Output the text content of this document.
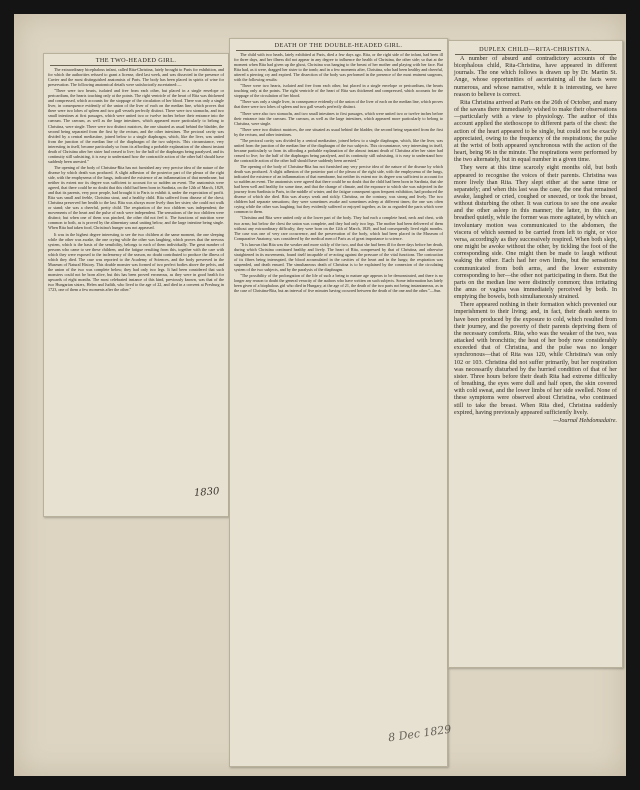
THE TWO-HEADED GIRL.

The extraordinary bicephalous infant, called Rita-Christina, lately brought to Paris for exhibition, and for which the authorities refused to grant a license, died last week, and was dissected in the presence of Cuvier and the most distinguished anatomists of Paris. The body has been placed in spirits of wine for preservation. The following anatomical details were satisfactorily ascertained:—

"There were two hearts, isolated and free from each other, but placed in a single envelope or pericardium, the hearts touching only at the points. The right ventricle of the heart of Rita was thickened and compressed, which accounts for the stoppage of the circulation of her blood. There was only a single liver, in consequence evidently of the union of the liver of each on the median line, which proves that there were two lobes of spleen and two gall vessels perfectly distinct. There were two stomachs, and two small intestines at first passages, which were united two or twelve inches before their entrance into the caecum. The caecum, as well as the large intestines, which appeared more particularly to belong to Christina, were single. There were two distinct matrices, the one situated as usual behind the bladder, the second being separated from the first by the rectum, and the other intestines. The pectoral cavity was divided by a central mediastine, joined below to a single diaphragm, which, like the liver, was united from the junction of the median line of the diaphragm of the two subjects. This circumstance, very interesting in itself, became particularly so from its affording a probable explanation of the almost instant death of Christina after her sister had ceased to live; for the half of the diaphragm being paralysed, and its continuity still subsisting, it is easy to understand how the contractile action of the other half should have suddenly been arrested."

The opening of the body of Christina-Rita has not furnished any very precise idea of the nature of the disease by which death was produced. A slight adhesion of the posterior part of the pleura of the right side, with the emphysema of the lungs, indicated the existence of an inflammation of that membrane, but neither its extent nor its degree was sufficient to account for so sudden an event. The anatomists were agreed, that there could be no doubt that this child had been born in Sardinia, on the 12th of March, 1829, and that its parents, very poor people, had brought it to Paris to exhibit it, under the expectation of profit. Rita was small and feeble, Christina stout, and a healthy child. Rita suffered from disease of the chest; Christina preserved her health to the last. Rita was always more lively than her sister; she could not walk or stand; she was a cheerful, pretty child. The respiration of the two children was independent; the movements of the heart and the pulse of each were independent. The sensations of the two children were distinct; but when one of them was pinched, the other did not feel it. The functions of nutrition were common to both, as is proved by the alimentary canal uniting below, and the large intestine being single. When Rita had taken food, Christina's hunger was not appeased.

It was in the highest degree interesting to see the two children at the same moment, the one sleeping while the other was awake, the one crying while the other was laughing, which proves that the nervous system, which is the basis of the sensibility, belongs to each of them individually. The great number of persons who came to see these children, and the fatigue resulting from this, together with the care with which they were exposed to the inclemency of the season, no doubt contributed to produce the illness of which they died. The case was reported to the Academy of Sciences, and the body preserved in the Museum of Natural History. This double monster was formed of two perfect bodies above the pelvis, and the union of the two was complete below; they had only two legs. It had been considered that such monsters could not be born alive, but this has been proved erroneous, as they were in good health for upwards of eight months. The most celebrated instance of this kind, previously known, was that of the two Hungarian sisters, Helen and Judith, who lived to the age of 22, and died in a convent at Presburg in 1723, one of them a few moments after the other."

DEATH OF THE DOUBLE-HEADED GIRL.

The child with two heads, lately exhibited at Paris, died a few days ago. Rita, or the right side of the infant, had been ill for three days, and her illness did not appear in any degree to influence the health of Christina, the other side; so that at the moment when Rita had given up the ghost, Christina was hanging to the breast of her mother and playing with her face. But Rita had, as it were, dragged her sister to the tomb; and in a few moments after, Christina, who had been healthy and cheerful, uttered a piercing cry and expired. The dissection of the body was performed in the presence of the most eminent surgeons, with the following results:

"There were two hearts, isolated and free from each other, but placed in a single envelope or pericardium, the hearts touching only at the points. The right ventricle of the heart of Rita was thickened and compressed, which accounts for the stoppage of the circulation of her blood.

"There was only a single liver, in consequence evidently of the union of the liver of each on the median line, which proves that there were two lobes of spleen and two gall vessels perfectly distinct.

"There were also two stomachs, and two small intestines to first passages, which were united two or twelve inches before their entrance into the caecum. The caecum, as well as the large intestines, which appeared more particularly to belong to Christina, were single.

"There were two distinct matrices, the one situated as usual behind the bladder, the second being separated from the first by the rectum, and other intestines.

"The pectoral cavity was divided by a central mediastine, joined below to a single diaphragm, which, like the liver, was united from the junction of the median line of the diaphragm of the two subjects. This circumstance, very interesting in itself, became particularly so from its affording a probable explanation of the almost instant death of Christina after her sister had ceased to live; for the half of the diaphragm being paralysed, and its continuity still subsisting, it is easy to understand how the contractile action of the other half should have suddenly been arrested."

The opening of the body of Christina-Rita has not furnished any very precise idea of the nature of the disease by which death was produced. A slight adhesion of the posterior part of the pleura of the right side, with the emphysema of the lungs, indicated the existence of an inflammation of that membrane, but neither its extent nor its degree was sufficient to account for so sudden an event. The anatomists were agreed that there could be no doubt that the child had been born in Sardinia, that she had been well and healthy for some time, and that the change of climate, and the exposure to which she was subjected in the journey from Sardinia to Paris, in the middle of winter, and the fatigue consequent upon frequent exhibition, had produced the disease of which she died. Rita was always weak and sickly. Christina, on the contrary, was strong and lively. The two children had separate sensations; they were sometimes awake and sometimes asleep at different times; the one was often crying while the other was laughing; but they evidently suffered or enjoyed together, as far as regarded the parts which were common to them.

"Christina and Rita were united only at the lower part of the body. They had each a complete head, neck and chest, with two arms; but below the chest the union was complete, and they had only two legs. The mother had been delivered of them without any extraordinary difficulty; they were born on the 12th of March, 1829, and had consequently lived eight months. The case was one of very rare occurrence, and the preservation of the body, which had been placed in the Museum of Comparative Anatomy, was considered by the medical men of Paris as of great importance to science.

"It is known that Rita was the weaker and more sickly of the two, and that she had been ill for three days before her death, during which Christina continued healthy and lively. The heart of Rita, compressed by that of Christina, and otherwise straightened in its movements, found itself incapable of re-acting against the pressure of the vital functions. The contraction of its fibres being interrupted, the blood accumulated in the cavities of the heart and in the lungs; the respiration was suspended, and death ensued. The simultaneous death of Christina is to be explained by the connexion of the circulating system of the two subjects, and by the paralysis of the diaphragm.

"The possibility of the prolongation of the life of such a being to mature age appears to be demonstrated, and there is no longer any reason to doubt the general veracity of the authors who have written on such subjects. Some information has lately been given of a biophalous girl who died in Hungary, at the age of 21, the death of the two parts not being instantaneous, as in the case of Christina-Rita, but an interval of five minutes having occurred between the death of the one and the other."—Sun.

DUPLEX CHILD—RITA-CHRISTINA.

A number of absurd and contradictory accounts of the bicephalous child, Rita-Christina, have appeared in different journals. The one which follows is drawn up by Dr. Martin St. Ange, whose opportunities of ascertaining all the facts were numerous, and whose narrative, while it is interesting, we have reason to believe is correct.

Rita Christina arrived at Paris on the 26th of October, and many of the savans there immediately wished to make their observations—particularly with a view to physiology. The author of this account applied the stethoscope to different parts of the chest: the action of the heart appeared to be single, but could not be exactly appreciated, owing to the frequency of the respirations; the pulse at the wrist of both appeared synchronous with the action of the heart, being 96 in the minute. The respirations were performed by the two alternately, but in equal number in a given time.

They were at this time scarcely eight months old, but both appeared to recognise the voices of their parents. Christina was more lively than Rita. They slept either at the same time or separately; and when this last was the case, the one that remained awake, laughed or cried, coughed or sneezed, or took the breast, without disturbing the other. It was curious to see the one awake and the other asleep in this manner; the latter, in this case, breathed quietly, while the former was more agitated, by which an involuntary motion was communicated to the abdomen, the viscera of which seemed to be carried from left to right, or vice versa, accordingly as they successively respired. When both slept, one might be awoke without the other, by tickling the foot of the corresponding side. One might then be made to laugh without waking the other. Each had her own limbs, but the sensations communicated from both arms, and the lower extremity corresponding to her—the other not participating in them. But the parts on the median line were distinctly common; thus irritating the anus or vagina was immediately perceived by both. In emptying the bowels, both simultaneously strained.

There appeared nothing in their formation which prevented our imperishment to their living; and, in fact, their death seems to have been produced by the exposure to cold, which resulted from their journey, and the poverty of their parents depriving them of the necessary comforts. Rita, who was the weaker of the two, was attacked with bronchitis; the heat of her body now considerably exceeded that of Christina, and the pulse was no longer synchronous—that of Rita was 120, while Christina's was only 102 or 103. Christina did not suffer primarily, but her respiration was necessarily disturbed by the hurried condition of that of her sister. Three hours before their death Rita had extreme difficulty of breathing, the eyes were dull and half open, the skin covered with cold sweat, and the lower limbs of her side swelled. None of these symptoms were observed about Christina, who continued still to take the breast. When Rita died, Christina suddenly expired, having previously appeared sufficiently lively.

—Journal Hebdomadaire.

1830
8 Dec 1829
